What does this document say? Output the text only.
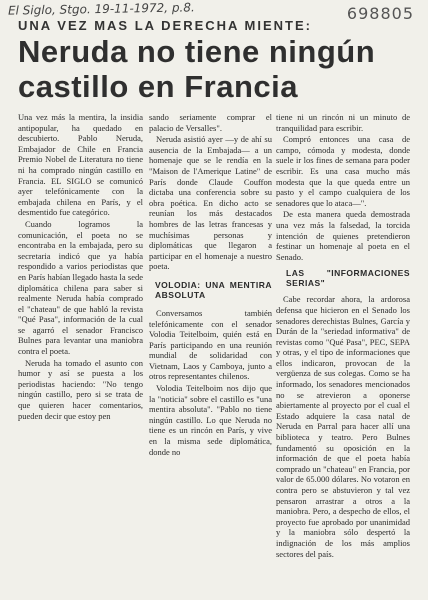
El Siglo, Stgo. 19-11-1972, p.8.	698805
UNA VEZ MAS LA DERECHA MIENTE:
Neruda no tiene ningún castillo en Francia

Una vez más la mentira, la insidia antipopular, ha quedado en descubierto. Pablo Neruda, Embajador de Chile en Francia Premio Nobel de Literatura no tiene ni ha comprado ningún castillo en Francia. EL SIGLO se comunicó ayer telefónicamente con la embajada chilena en París, y el desmentido fue categórico.

Cuando logramos la comunicación, el poeta no se encontraba en la embajada, pero su secretaria indicó que ya había respondido a varios periodistas que en París habían llegado hasta la sede diplomática chilena para saber si realmente Neruda había comprado el "chateau" de que habló la revista "Qué Pasa", información de la cual se agarró el senador Francisco Bulnes para levantar una maniobra contra el poeta.

Neruda ha tomado el asunto con humor y así se puesta a los periodistas haciendo: "No tengo ningún castillo, pero si se trata de que quieren hacer comentarios, pueden decir que estoy pen

sando seriamente comprar el palacio de Versalles".

Neruda asistió ayer —y de ahí su ausencia de la Embajada— a un homenaje que se le rendía en la "Maison de l'Amerique Latine" de París donde Claude Couffon dictaba una conferencia sobre su obra poética. En dicho acto se reunían los más destacados hombres de las letras francesas y muchísimas personas y diplomáticas que llegaron a participar en el homenaje a nuestro poeta.

VOLODIA: UNA MENTIRA ABSOLUTA

Conversamos también telefónicamente con el senador Volodia Teitelboim, quién está en París participando en una reunión mundial de solidaridad con Vietnam, Laos y Camboya, junto a otros representantes chilenos.

Volodia Teitelboim nos dijo que la "noticia" sobre el castillo es "una mentira absoluta". "Pablo no tiene ningún castillo. Lo que Neruda no tiene es un rincón en París, y vive en la misma sede diplomática, donde no

tiene ni un rincón ni un minuto de tranquilidad para escribir.

Compró entonces una casa de campo, cómoda y modesta, donde suele ir los fines de semana para poder escribir. Es una casa mucho más modesta que la que queda entre un pasto y el campo cualquiera de los senadores que lo ataca—".

De esta manera queda demostrada una vez más la falsedad, la torcida intención de quienes pretendieron festinar un homenaje al poeta en el Senado.

LAS "INFORMACIONES SERIAS"

Cabe recordar ahora, la ardorosa defensa que hicieron en el Senado los senadores derechistas Bulnes, García y Durán de la "seriedad informativa" de revistas como "Qué Pasa", PEC, SEPA y otras, y el tipo de informaciones que ellos indicaron, provocan de la vergüenza de sus colegas. Como se ha informado, los senadores mencionados no se atrevieron a oponerse abiertamente al proyecto por el cual el Estado adquiere la casa natal de Neruda en Parral para hacer allí una biblioteca y teatro. Pero Bulnes fundamentó su oposición en la información de que el poeta había comprado un "chateau" en Francia, por valor de 65.000 dólares. No votaron en contra pero se abstuvieron y tal vez pensaron arrastrar a otros a la maniobra. Pero, a despecho de ellos, el proyecto fue aprobado por unanimidad y la maniobra sólo despertó la indignación de los más amplios sectores del país.
